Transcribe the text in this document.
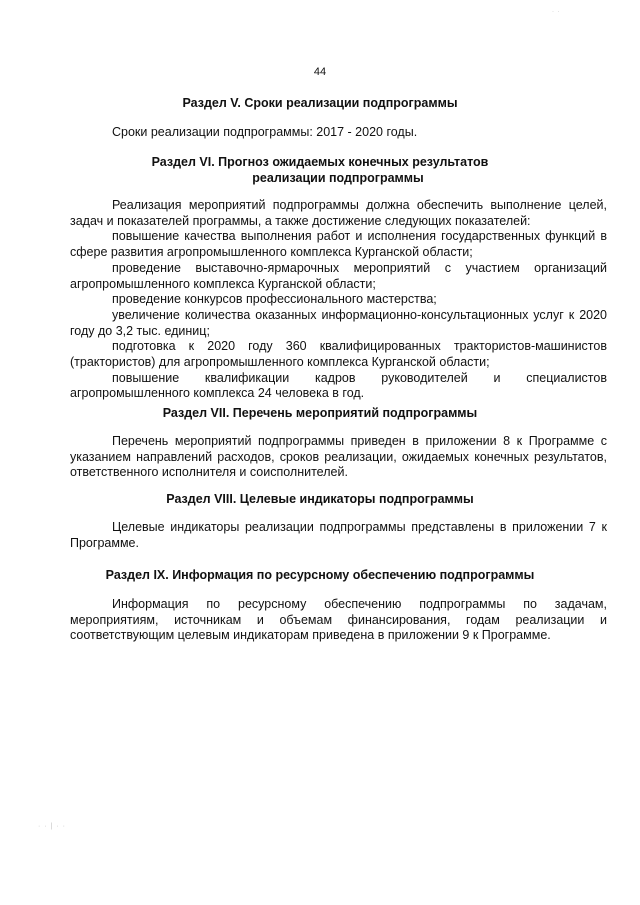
· ·
44
Раздел V. Сроки реализации подпрограммы

Сроки реализации подпрограммы: 2017 - 2020 годы.

Раздел VI. Прогноз ожидаемых конечных результатов
реализации подпрограммы

Реализация мероприятий подпрограммы должна обеспечить выполнение целей, задач и показателей программы, а также достижение следующих показателей:

повышение качества выполнения работ и исполнения государственных функций в сфере развития агропромышленного комплекса Курганской области;

проведение выставочно-ярмарочных мероприятий с участием организаций агропромышленного комплекса Курганской области;

проведение конкурсов профессионального мастерства;

увеличение количества оказанных информационно-консультационных услуг к 2020 году до 3,2 тыс. единиц;

подготовка к 2020 году 360 квалифицированных трактористов-машинистов (трактористов) для агропромышленного комплекса Курганской области;

повышение квалификации кадров руководителей и специалистов агропромышленного комплекса 24 человека в год.

Раздел VII. Перечень мероприятий подпрограммы

Перечень мероприятий подпрограммы приведен в приложении 8 к Программе с указанием направлений расходов, сроков реализации, ожидаемых конечных результатов, ответственного исполнителя и соисполнителей.

Раздел VIII. Целевые индикаторы подпрограммы

Целевые индикаторы реализации подпрограммы представлены в приложении 7 к Программе.

Раздел IX. Информация по ресурсному обеспечению подпрограммы

Информация по ресурсному обеспечению подпрограммы по задачам, мероприятиям, источникам и объемам финансирования, годам реализации и соответствующим целевым индикаторам приведена в приложении 9 к Программе.

· · | · ·
